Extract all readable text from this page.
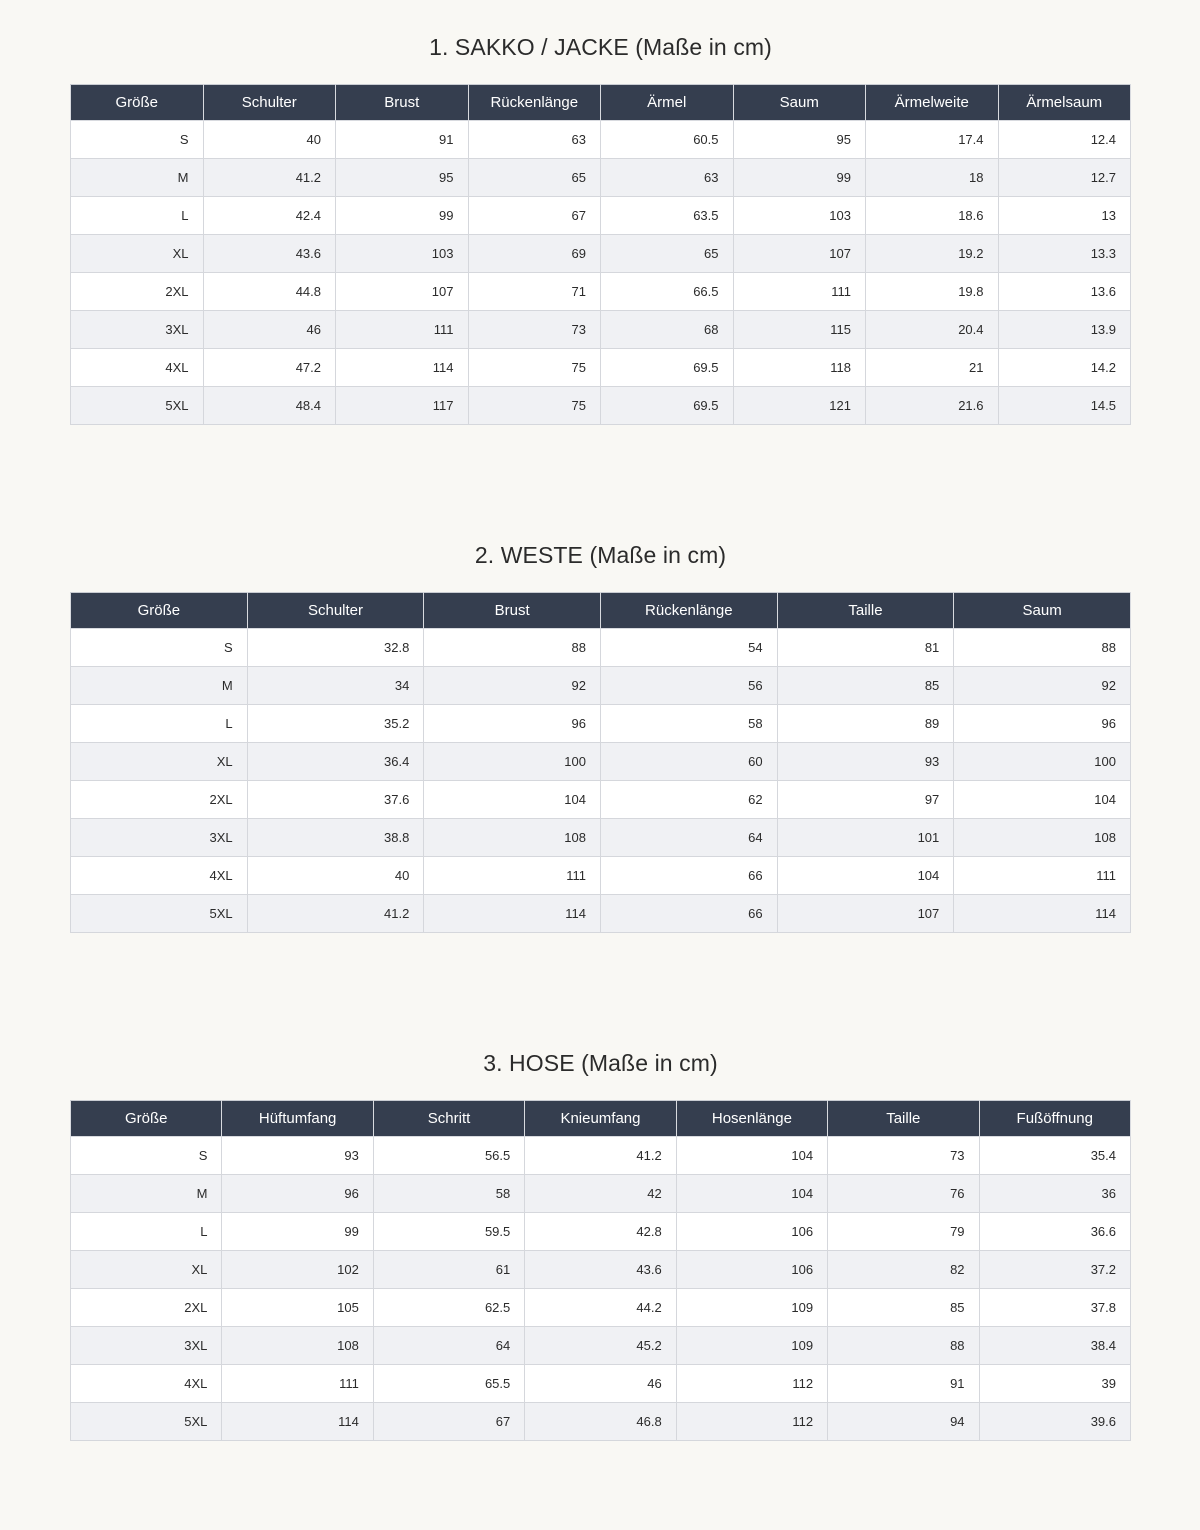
1. SAKKO / JACKE (Maße in cm)
Größe	Schulter	Brust	Rückenlänge	Ärmel	Saum	Ärmelweite	Ärmelsaum
S	40	91	63	60.5	95	17.4	12.4
M	41.2	95	65	63	99	18	12.7
L	42.4	99	67	63.5	103	18.6	13
XL	43.6	103	69	65	107	19.2	13.3
2XL	44.8	107	71	66.5	111	19.8	13.6
3XL	46	111	73	68	115	20.4	13.9
4XL	47.2	114	75	69.5	118	21	14.2
5XL	48.4	117	75	69.5	121	21.6	14.5
2. WESTE (Maße in cm)
Größe	Schulter	Brust	Rückenlänge	Taille	Saum
S	32.8	88	54	81	88
M	34	92	56	85	92
L	35.2	96	58	89	96
XL	36.4	100	60	93	100
2XL	37.6	104	62	97	104
3XL	38.8	108	64	101	108
4XL	40	111	66	104	111
5XL	41.2	114	66	107	114
3. HOSE (Maße in cm)
Größe	Hüftumfang	Schritt	Knieumfang	Hosenlänge	Taille	Fußöffnung
S	93	56.5	41.2	104	73	35.4
M	96	58	42	104	76	36
L	99	59.5	42.8	106	79	36.6
XL	102	61	43.6	106	82	37.2
2XL	105	62.5	44.2	109	85	37.8
3XL	108	64	45.2	109	88	38.4
4XL	111	65.5	46	112	91	39
5XL	114	67	46.8	112	94	39.6
